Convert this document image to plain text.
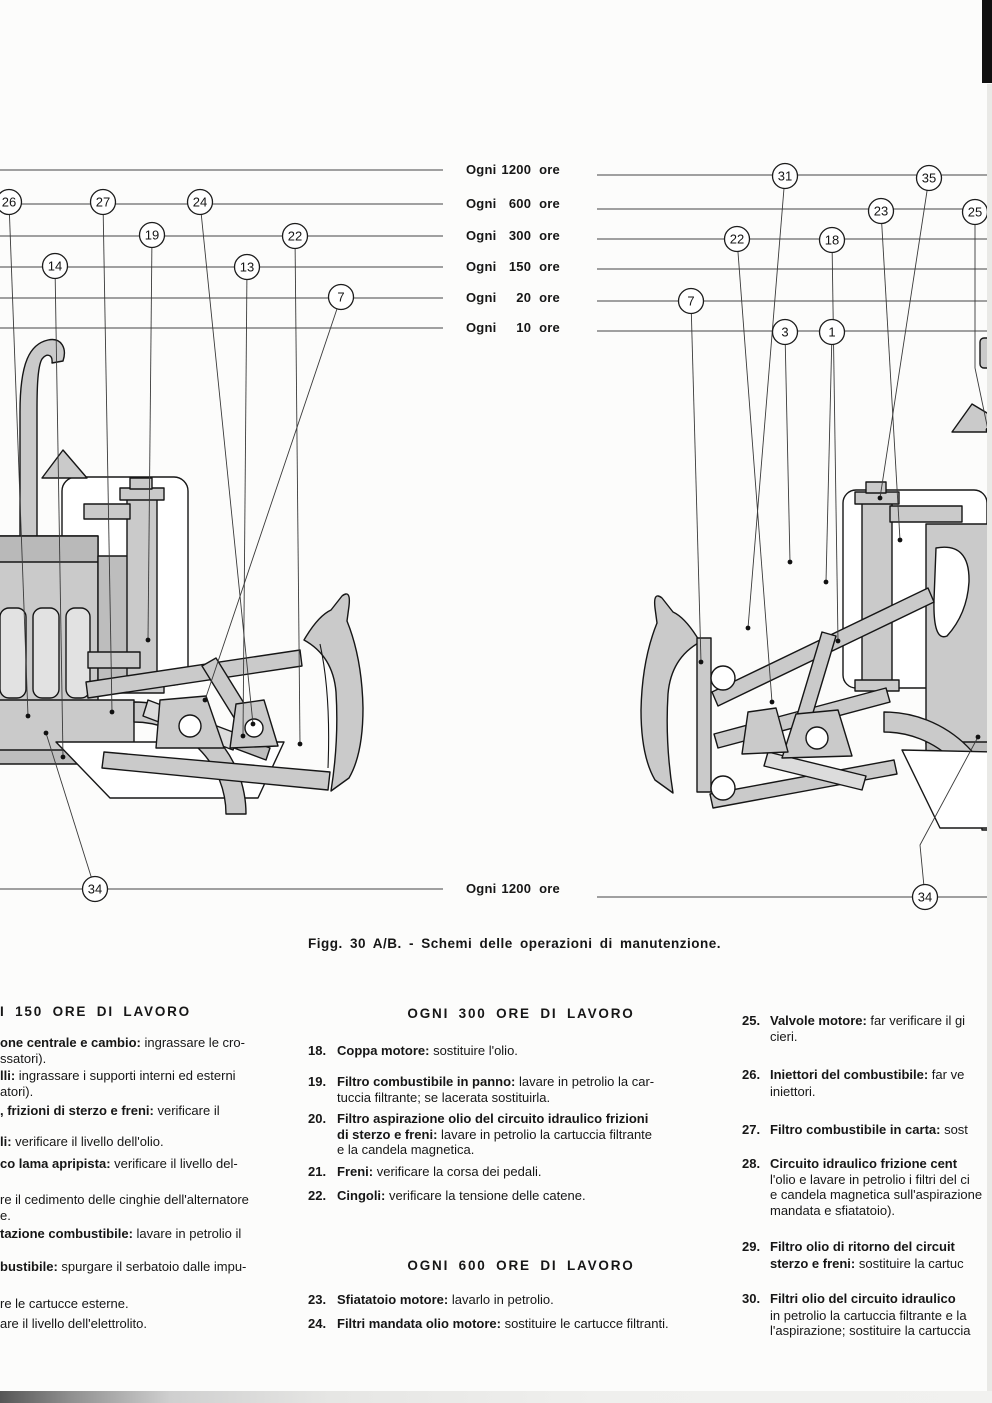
26	27	24
19	22
14	13
7
34
31	35
23	25
22	18
7
3	1
34
Ogni 1200 ore
Ogni 600 ore
Ogni 300 ore
Ogni 150 ore
Ogni	20 ore
Ogni	10 ore
Ogni 1200 ore
Figg. 30 A/B. - Schemi delle operazioni di manutenzione.
I 150 ORE DI LAVORO
one centrale e cambio: ingrassare le cro-
ssatori).
lli: ingrassare i supporti interni ed esterni
atori).
, frizioni di sterzo e freni: verificare il
li: verificare il livello dell'olio.
co lama apripista: verificare il livello del-
re il cedimento delle cinghie dell'alternatore
e.
tazione combustibile: lavare in petrolio il
bustibile: spurgare il serbatoio dalle impu-
re le cartucce esterne.
are il livello dell'elettrolito.
OGNI 300 ORE DI LAVORO
18. Coppa motore: sostituire l'olio.
19. Filtro combustibile in panno: lavare in petrolio la car-
tuccia filtrante; se lacerata sostituirla.
20. Filtro aspirazione olio del circuito idraulico frizioni
di sterzo e freni: lavare in petrolio la cartuccia filtrante
e la candela magnetica.
21. Freni: verificare la corsa dei pedali.
22. Cingoli: verificare la tensione delle catene.
OGNI 600 ORE DI LAVORO
23. Sfiatatoio motore: lavarlo in petrolio.
24. Filtri mandata olio motore: sostituire le cartucce filtranti.
25. Valvole motore: far verificare il gi
cieri.
26. Iniettori del combustibile: far ve
iniettori.
27. Filtro combustibile in carta: sost
28. Circuito idraulico frizione cent
l'olio e lavare in petrolio i filtri del ci
e candela magnetica sull'aspirazione
mandata e sfiatatoio).
29. Filtro olio di ritorno del circuit
sterzo e freni: sostituire la cartuc
30. Filtri olio del circuito idraulico
in petrolio la cartuccia filtrante e la
l'aspirazione; sostituire la cartuccia
